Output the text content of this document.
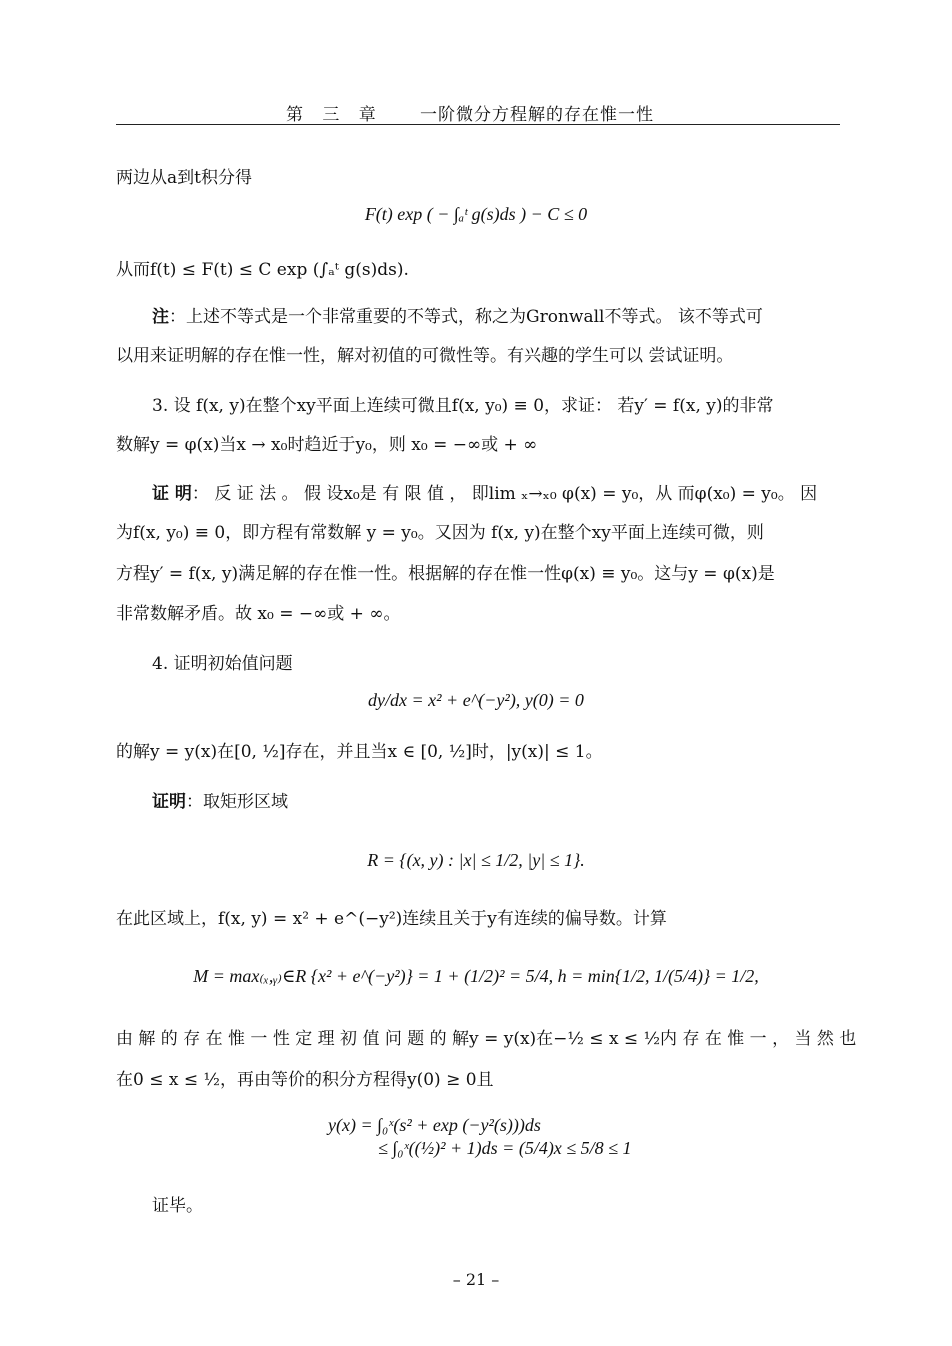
第 三 章	一阶微分方程解的存在惟一性
两边从a到t积分得
F(t) exp ( − ∫ₐᵗ g(s)ds ) − C ≤ 0
从而f(t) ≤ F(t) ≤ C exp (∫ₐᵗ g(s)ds).
注：上述不等式是一个非常重要的不等式，称之为Gronwall不等式。 该不等式可
以用来证明解的存在惟一性，解对初值的可微性等。有兴趣的学生可以 尝试证明。
3. 设 f(x, y)在整个xy平面上连续可微且f(x, y₀) ≡ 0，求证： 若y′ = f(x, y)的非常
数解y = φ(x)当x → x₀时趋近于y₀，则 x₀ = −∞或 + ∞
证 明： 反 证 法 。 假 设x₀是 有 限 值 ， 即lim ₓ→ₓ₀ φ(x) = y₀，从 而φ(x₀) = y₀。 因
为f(x, y₀) ≡ 0，即方程有常数解 y = y₀。又因为 f(x, y)在整个xy平面上连续可微，则
方程y′ = f(x, y)满足解的存在惟一性。根据解的存在惟一性φ(x) ≡ y₀。这与y = φ(x)是
非常数解矛盾。故 x₀ = −∞或 + ∞。
4. 证明初始值问题
dy/dx = x² + e^(−y²), y(0) = 0
的解y = y(x)在[0, ½]存在，并且当x ∈ [0, ½]时，|y(x)| ≤ 1。
证明：取矩形区域
R = {(x, y) : |x| ≤ 1/2, |y| ≤ 1}.
在此区域上，f(x, y) = x² + e^(−y²)连续且关于y有连续的偏导数。计算
M = max₍ₓ,ᵧ₎∈R {x² + e^(−y²)} = 1 + (1/2)² = 5/4, h = min{1/2, 1/(5/4)} = 1/2,
由 解 的 存 在 惟 一 性 定 理 初 值 问 题 的 解y = y(x)在−½ ≤ x ≤ ½内 存 在 惟 一 ， 当 然 也
在0 ≤ x ≤ ½，再由等价的积分方程得y(0) ≥ 0且
y(x) = ∫₀ˣ(s² + exp (−y²(s)))ds
≤ ∫₀ˣ((½)² + 1)ds = (5/4)x ≤ 5/8 ≤ 1
证毕。
– 21 –
